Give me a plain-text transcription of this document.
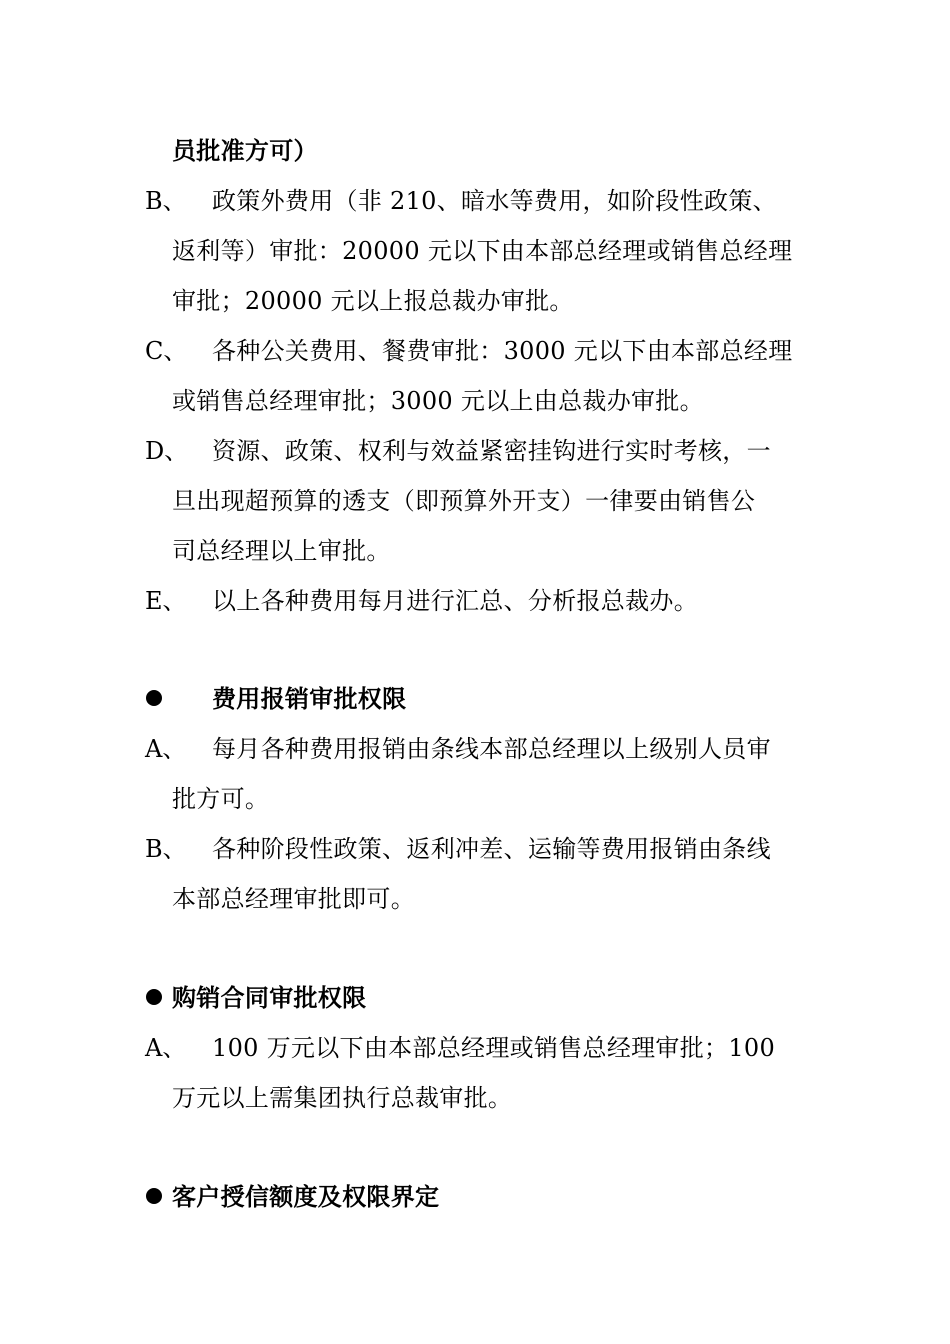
员批准方可）
B、 政策外费用（非 210、暗水等费用，如阶段性政策、
返利等）审批：20000 元以下由本部总经理或销售总经理
审批；20000 元以上报总裁办审批。
C、 各种公关费用、餐费审批：3000 元以下由本部总经理
或销售总经理审批；3000 元以上由总裁办审批。
D、 资源、政策、权利与效益紧密挂钩进行实时考核，一
旦出现超预算的透支（即预算外开支）一律要由销售公
司总经理以上审批。
E、 以上各种费用每月进行汇总、分析报总裁办。
费用报销审批权限
A、 每月各种费用报销由条线本部总经理以上级别人员审
批方可。
B、 各种阶段性政策、返利冲差、运输等费用报销由条线
本部总经理审批即可。
购销合同审批权限
A、 100 万元以下由本部总经理或销售总经理审批；100
万元以上需集团执行总裁审批。
客户授信额度及权限界定
